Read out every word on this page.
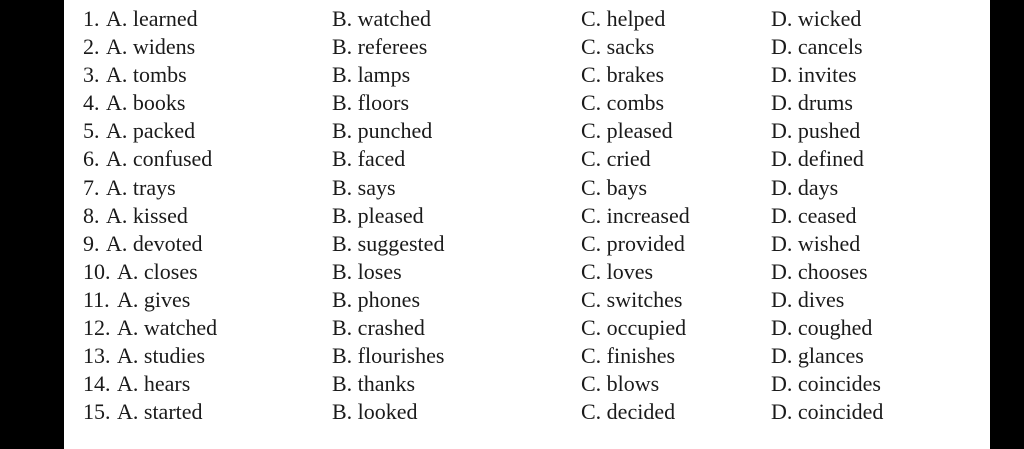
1. A. learned	B. watched	C. helped	D. wicked
2. A. widens	B. referees	C. sacks	D. cancels
3. A. tombs	B. lamps	C. brakes	D. invites
4. A. books	B. floors	C. combs	D. drums
5. A. packed	B. punched	C. pleased	D. pushed
6. A. confused	B. faced	C. cried	D. defined
7. A. trays	B. says	C. bays	D. days
8. A. kissed	B. pleased	C. increased	D. ceased
9. A. devoted	B. suggested	C. provided	D. wished
10. A. closes	B. loses	C. loves	D. chooses
11. A. gives	B. phones	C. switches	D. dives
12. A. watched	B. crashed	C. occupied	D. coughed
13. A. studies	B. flourishes	C. finishes	D. glances
14. A. hears	B. thanks	C. blows	D. coincides
15. A. started	B. looked	C. decided	D. coincided
